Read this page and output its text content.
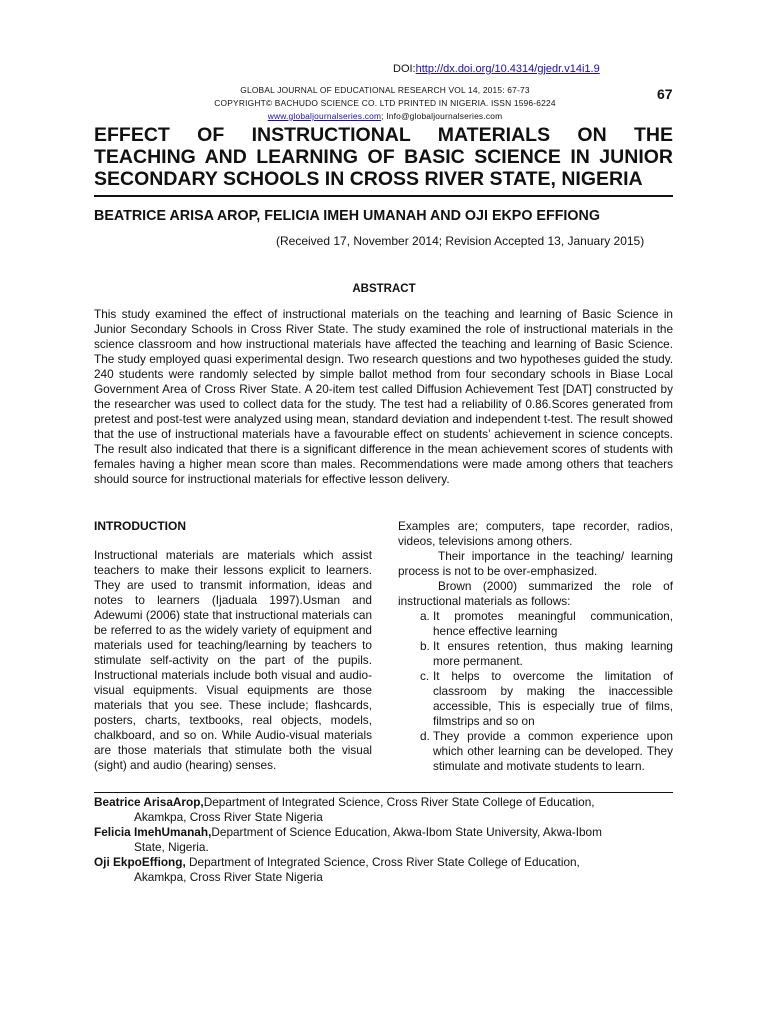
DOI:http://dx.doi.org/10.4314/gjedr.v14i1.9
GLOBAL JOURNAL OF EDUCATIONAL RESEARCH VOL 14, 2015: 67-73
COPYRIGHT© BACHUDO SCIENCE CO. LTD PRINTED IN NIGERIA. ISSN 1596-6224
www.globaljournalseries.com; Info@globaljournalseries.com
67
EFFECT OF INSTRUCTIONAL MATERIALS ON THE
TEACHING AND LEARNING OF BASIC SCIENCE IN JUNIOR
SECONDARY SCHOOLS IN CROSS RIVER STATE, NIGERIA
BEATRICE ARISA AROP, FELICIA IMEH UMANAH AND OJI EKPO EFFIONG
(Received 17, November 2014; Revision Accepted 13, January 2015)
ABSTRACT

This study examined the effect of instructional materials on the teaching and learning of Basic Science in Junior Secondary Schools in Cross River State. The study examined the role of instructional materials in the science classroom and how instructional materials have affected the teaching and learning of Basic Science. The study employed quasi experimental design. Two research questions and two hypotheses guided the study. 240 students were randomly selected by simple ballot method from four secondary schools in Biase Local Government Area of Cross River State. A 20-item test called Diffusion Achievement Test [DAT] constructed by the researcher was used to collect data for the study. The test had a reliability of 0.86.Scores generated from pretest and post-test were analyzed using mean, standard deviation and independent t-test. The result showed that the use of instructional materials have a favourable effect on students’ achievement in science concepts. The result also indicated that there is a significant difference in the mean achievement scores of students with females having a higher mean score than males. Recommendations were made among others that teachers should source for instructional materials for effective lesson delivery.

INTRODUCTION

Instructional materials are materials which assist teachers to make their lessons explicit to learners. They are used to transmit information, ideas and notes to learners (Ijaduala 1997).Usman and Adewumi (2006) state that instructional materials can be referred to as the widely variety of equipment and materials used for teaching/learning by teachers to stimulate self-activity on the part of the pupils. Instructional materials include both visual and audio-visual equipments. Visual equipments are those materials that you see. These include; flashcards, posters, charts, textbooks, real objects, models, chalkboard, and so on. While Audio-visual materials are those materials that stimulate both the visual (sight) and audio (hearing) senses.

Examples are; computers, tape recorder, radios, videos, televisions among others.

Their importance in the teaching/ learning process is not to be over-emphasized.

Brown (2000) summarized the role of instructional materials as follows:

a. It promotes meaningful communication, hence effective learning
b. It ensures retention, thus making learning more permanent.
c. It helps to overcome the limitation of classroom by making the inaccessible accessible, This is especially true of films, filmstrips and so on
d. They provide a common experience upon which other learning can be developed. They stimulate and motivate students to learn.

Beatrice ArisaArop,Department of Integrated Science, Cross River State College of Education,
Akamkpa, Cross River State Nigeria

Felicia ImehUmanah,Department of Science Education, Akwa-Ibom State University, Akwa-Ibom
State, Nigeria.

Oji EkpoEffiong, Department of Integrated Science, Cross River State College of Education,
Akamkpa, Cross River State Nigeria
